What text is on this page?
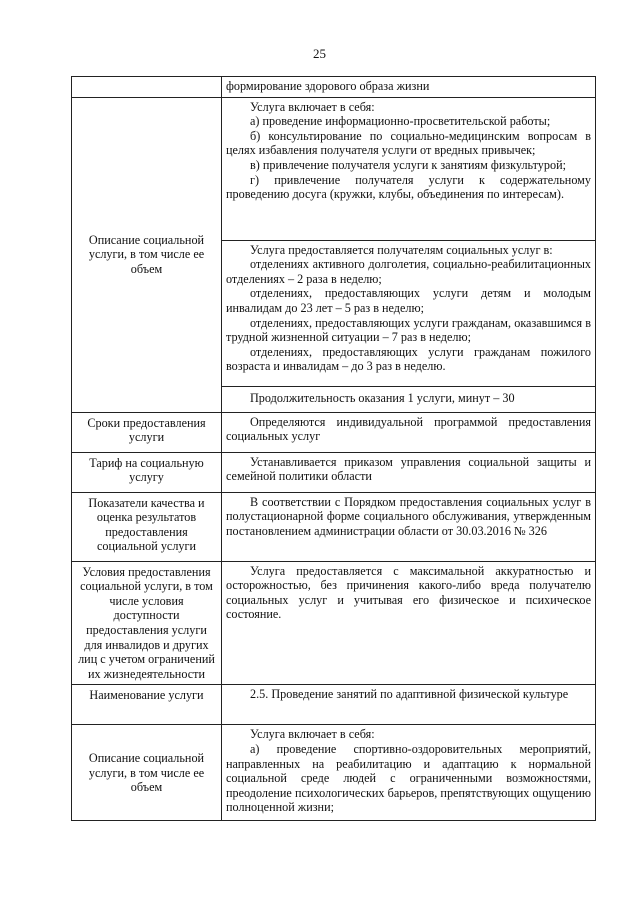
25

	формирование здорового образа жизни

Описание социальной услуги, в том числе ее объем	Услуга включает в себя:

а) проведение информационно-просветительской работы;

б) консультирование по социально-медицинским вопросам в целях избавления получателя услуги от вредных привычек;

в) привлечение получателя услуги к занятиям физкультурой;

г) привлечение получателя услуги к содержательному проведению досуга (кружки, клубы, объединения по интересам).

	Услуга предоставляется получателям социальных услуг в:

отделениях активного долголетия, социально-реабилитационных отделениях – 2 раза в неделю;

отделениях, предоставляющих услуги детям и молодым инвалидам до 23 лет – 5 раз в неделю;

отделениях, предоставляющих услуги гражданам, оказавшимся в трудной жизненной ситуации – 7 раз в неделю;

отделениях, предоставляющих услуги гражданам пожилого возраста и инвалидам – до 3 раз в неделю.

	Продолжительность оказания 1 услуги, минут – 30

Сроки предоставления услуги	Определяются индивидуальной программой предоставления социальных услуг

Тариф на социальную услугу	Устанавливается приказом управления социальной защиты и семейной политики области

Показатели качества и оценка результатов предоставления социальной услуги	В соответствии с Порядком предоставления социальных услуг в полустационарной форме социального обслуживания, утвержденным постановлением администрации области от 30.03.2016 № 326

Условия предоставления социальной услуги, в том числе условия доступности предоставления услуги для инвалидов и других лиц с учетом ограничений их жизнедеятельности	Услуга предоставляется с максимальной аккуратностью и осторожностью, без причинения какого-либо вреда получателю социальных услуг и учитывая его физическое и психическое состояние.

Наименование услуги	2.5. Проведение занятий по адаптивной физической культуре

Описание социальной услуги, в том числе ее объем	Услуга включает в себя:

а) проведение спортивно-оздоровительных мероприятий, направленных на реабилитацию и адаптацию к нормальной социальной среде людей с ограниченными возможностями, преодоление психологических барьеров, препятствующих ощущению полноценной жизни;
